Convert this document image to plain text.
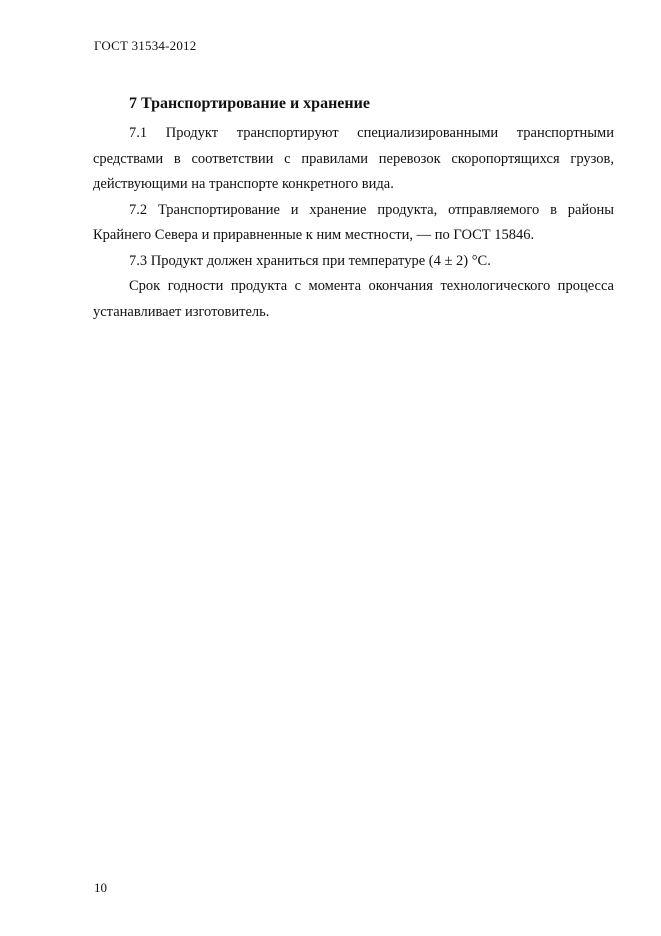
ГОСТ 31534-2012
7 Транспортирование и хранение

7.1 Продукт транспортируют специализированными транспортными средствами в соответствии с правилами перевозок скоропортящихся грузов, действующими на транспорте конкретного вида.

7.2 Транспортирование и хранение продукта, отправляемого в районы Крайнего Севера и приравненные к ним местности, — по ГОСТ 15846.

7.3 Продукт должен храниться при температуре (4 ± 2) °С.

Срок годности продукта с момента окончания технологического процесса устанавливает изготовитель.

10
